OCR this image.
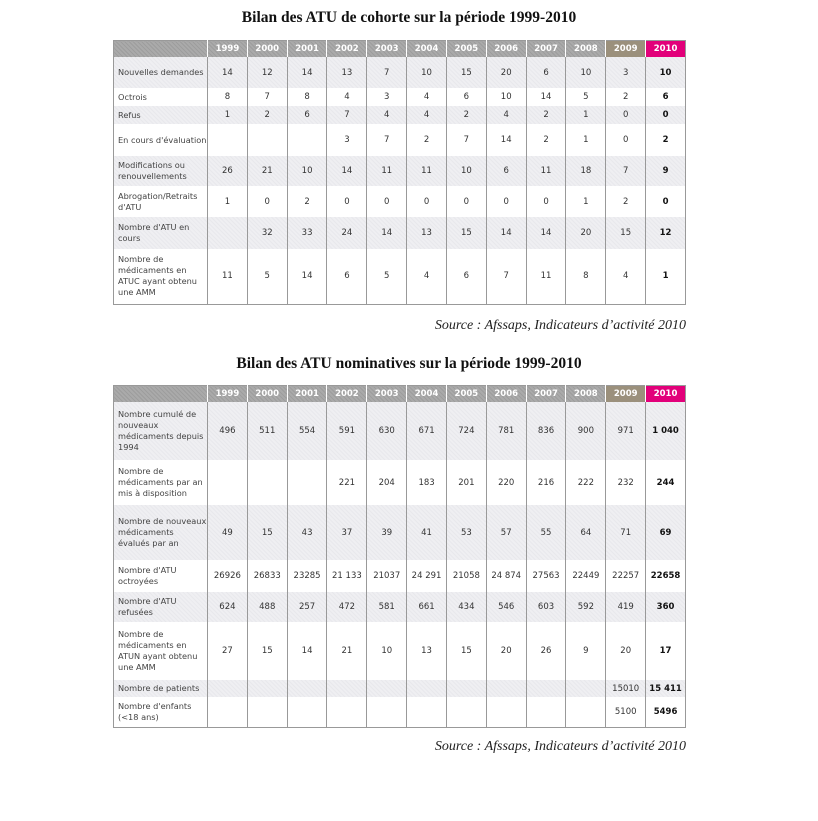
Bilan des ATU de cohorte sur la période 1999-2010
	1999	2000	2001	2002	2003	2004	2005	2006	2007	2008	2009	2010
Nouvelles demandes	14	12	14	13	7	10	15	20	6	10	3	10
Octrois	8	7	8	4	3	4	6	10	14	5	2	6
Refus	1	2	6	7	4	4	2	4	2	1	0	0
En cours d'évaluation				3	7	2	7	14	2	1	0	2
Modifications ou renouvellements	26	21	10	14	11	11	10	6	11	18	7	9
Abrogation/Retraits d'ATU	1	0	2	0	0	0	0	0	0	1	2	0
Nombre d'ATU en cours		32	33	24	14	13	15	14	14	20	15	12
Nombre de médicaments en ATUC ayant obtenu une AMM	11	5	14	6	5	4	6	7	11	8	4	1
Source : Afssaps, Indicateurs d’activité 2010
Bilan des ATU nominatives sur la période 1999-2010
	1999	2000	2001	2002	2003	2004	2005	2006	2007	2008	2009	2010
Nombre cumulé de nouveaux médicaments depuis 1994	496	511	554	591	630	671	724	781	836	900	971	1 040
Nombre de médicaments par an mis à disposition				221	204	183	201	220	216	222	232	244
Nombre de nouveaux médicaments évalués par an	49	15	43	37	39	41	53	57	55	64	71	69
Nombre d'ATU octroyées	26926	26833	23285	21 133	21037	24 291	21058	24 874	27563	22449	22257	22658
Nombre d'ATU refusées	624	488	257	472	581	661	434	546	603	592	419	360
Nombre de médicaments en ATUN ayant obtenu une AMM	27	15	14	21	10	13	15	20	26	9	20	17
Nombre de patients											15010	15 411
Nombre d'enfants (<18 ans)											5100	5496
Source : Afssaps, Indicateurs d’activité 2010
